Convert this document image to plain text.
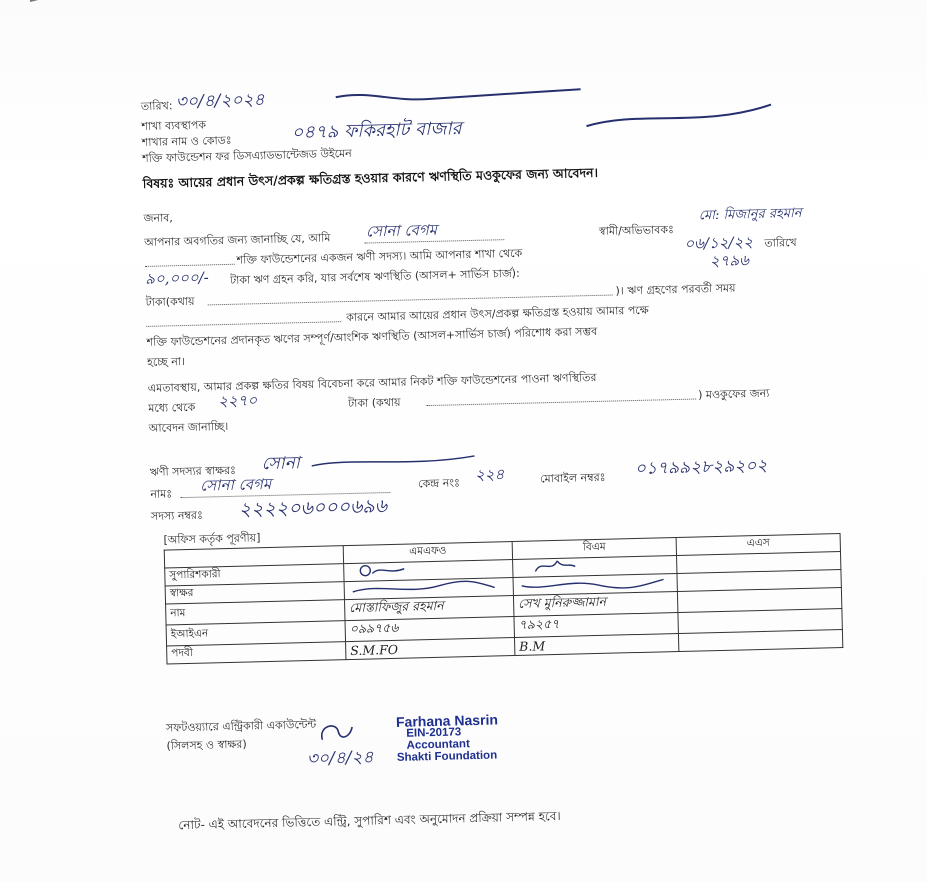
তারিখ: ৩০/৪/২০২৪
শাখা ব্যবস্থাপক
শাখার নাম ও কোডঃ	০৪৭৯ ফকিরহাট বাজার
শক্তি ফাউন্ডেশন ফর ডিসএ্যাডভান্টেজড উইমেন
বিষয়ঃ আয়ের প্রধান উৎস/প্রকল্প ক্ষতিগ্রস্ত হওয়ার কারণে ঋণস্থিতি মওকুফের জন্য আবেদন।
জনাব,
আপনার অবগতির জন্য জানাচ্ছি যে, আমি সোনা বেগম	স্বামী/অভিভাবকঃ
মো: মিজানুর রহমান
শক্তি ফাউন্ডেশনের একজন ঋণী সদস্য। আমি আপনার শাখা থেকে
০৬/১২/২২ তারিখে
৯০,০০০/- টাকা ঋণ গ্রহন করি, যার সর্বশেষ ঋণস্থিতি (আসল+ সার্ভিস চার্জ):
২৭৯৬
টাকা(কথায়
)। ঋণ গ্রহণের পরবর্তী সময়
কারনে আমার আয়ের প্রধান উৎস/প্রকল্প ক্ষতিগ্রস্ত হওয়ায় আমার পক্ষে
শক্তি ফাউন্ডেশনের প্রদানকৃত ঋণের সম্পূর্ণ/আংশিক ঋণস্থিতি (আসল+সার্ভিস চার্জ) পরিশোধ করা সম্ভব
হচ্ছে না।
এমতাবস্থায়, আমার প্রকল্প ক্ষতির বিষয় বিবেচনা করে আমার নিকট শক্তি ফাউন্ডেশনের পাওনা ঋণস্থিতির
মধ্যে থেকে ২২৭০	টাকা (কথায়
) মওকুফের জন্য
আবেদন জানাচ্ছি।
ঋণী সদস্যর স্বাক্ষরঃ সোনা
নামঃ সোনা বেগম	কেন্দ্র নংঃ ২২৪	মোবাইল নম্বরঃ ০১৭৯৯২৮২৯২০২
সদস্য নম্বরঃ ২২২২০৬০০০৬৯৬
[অফিস কর্তৃক পূরণীয়]
	এমএফও	বিএম	এএস
সুপারিশকারী			
স্বাক্ষর			
নাম	মোস্তাফিজুর রহমান	সেখ মুনিরুজ্জামান	
ইআইএন	০৯৯৭৫৬	৭৯২৫৭	
পদবী	S.M.FO	B.M	
সফটওয়্যারে এন্ট্রিকারী একাউন্টেন্ট
(সিলসহ ও স্বাক্ষর)
৩০/৪/২৪
Farhana Nasrin
EIN-20173
Accountant
Shakti Foundation
নোট- এই আবেদনের ভিত্তিতে এন্ট্রি, সুপারিশ এবং অনুমোদন প্রক্রিয়া সম্পন্ন হবে।
